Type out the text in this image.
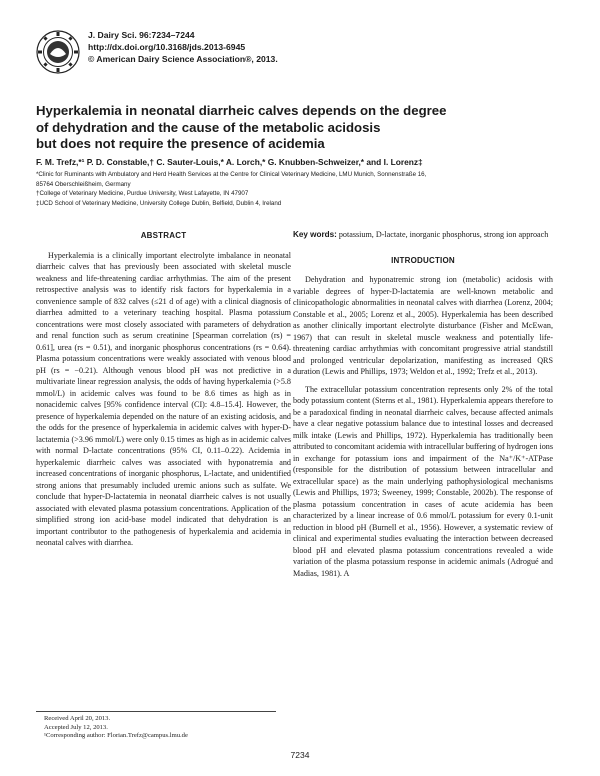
J. Dairy Sci. 96:7234–7244
http://dx.doi.org/10.3168/jds.2013-6945
© American Dairy Science Association®, 2013.
Hyperkalemia in neonatal diarrheic calves depends on the degree
of dehydration and the cause of the metabolic acidosis
but does not require the presence of acidemia
F. M. Trefz,*¹ P. D. Constable,† C. Sauter-Louis,* A. Lorch,* G. Knubben-Schweizer,* and I. Lorenz‡
*Clinic for Ruminants with Ambulatory and Herd Health Services at the Centre for Clinical Veterinary Medicine, LMU Munich, Sonnenstraße 16,
85764 Oberschleißheim, Germany
†College of Veterinary Medicine, Purdue University, West Lafayette, IN 47907
‡UCD School of Veterinary Medicine, University College Dublin, Belfield, Dublin 4, Ireland
ABSTRACT

Hyperkalemia is a clinically important electrolyte imbalance in neonatal diarrheic calves that has previously been associated with skeletal muscle weakness and life-threatening cardiac arrhythmias. The aim of the present retrospective analysis was to identify risk factors for hyperkalemia in a convenience sample of 832 calves (≤21 d of age) with a clinical diagnosis of diarrhea admitted to a veterinary teaching hospital. Plasma potassium concentrations were most closely associated with parameters of dehydration and renal function such as serum creatinine [Spearman correlation (rs) = 0.61], urea (rs = 0.51), and inorganic phosphorus concentrations (rs = 0.64). Plasma potassium concentrations were weakly associated with venous blood pH (rs = −0.21). Although venous blood pH was not predictive in a multivariate linear regression analysis, the odds of having hyperkalemia (>5.8 mmol/L) in acidemic calves was found to be 8.6 times as high as in nonacidemic calves [95% confidence interval (CI): 4.8–15.4]. However, the presence of hyperkalemia depended on the nature of an existing acidosis, and the odds for the presence of hyperkalemia in acidemic calves with hyper-D-lactatemia (>3.96 mmol/L) were only 0.15 times as high as in acidemic calves with normal D-lactate concentrations (95% CI, 0.11–0.22). Acidemia in hyperkalemic diarrheic calves was associated with hyponatremia and increased concentrations of inorganic phosphorus, L-lactate, and unidentified strong anions that presumably included uremic anions such as sulfate. We conclude that hyper-D-lactatemia in neonatal diarrheic calves is not usually associated with elevated plasma potassium concentrations. Application of the simplified strong ion acid-base model indicated that dehydration is an important contributor to the pathogenesis of hyperkalemia and acidemia in neonatal calves with diarrhea.

Key words: potassium, D-lactate, inorganic phosphorus, strong ion approach

INTRODUCTION

Dehydration and hyponatremic strong ion (metabolic) acidosis with variable degrees of hyper-D-lactatemia are well-known metabolic and clinicopathologic abnormalities in neonatal calves with diarrhea (Lorenz, 2004; Constable et al., 2005; Lorenz et al., 2005). Hyperkalemia has been described as another clinically important electrolyte disturbance (Fisher and McEwan, 1967) that can result in skeletal muscle weakness and potentially life-threatening cardiac arrhythmias with concomitant progressive atrial standstill and prolonged ventricular depolarization, manifesting as increased QRS duration (Lewis and Phillips, 1973; Weldon et al., 1992; Trefz et al., 2013).

The extracellular potassium concentration represents only 2% of the total body potassium content (Sterns et al., 1981). Hyperkalemia appears therefore to be a paradoxical finding in neonatal diarrheic calves, because affected animals have a clear negative potassium balance due to intestinal losses and decreased milk intake (Lewis and Phillips, 1972). Hyperkalemia has traditionally been attributed to concomitant acidemia with intracellular buffering of hydrogen ions in exchange for potassium ions and impairment of the Na⁺/K⁺-ATPase (responsible for the distribution of potassium between intracellular and extracellular space) as the main underlying pathophysiological mechanisms (Lewis and Phillips, 1973; Sweeney, 1999; Constable, 2002b). The response of plasma potassium concentration in cases of acute acidemia has been characterized by a linear increase of 0.6 mmol/L potassium for every 0.1-unit reduction in blood pH (Burnell et al., 1956). However, a systematic review of clinical and experimental studies evaluating the interaction between decreased blood pH and elevated plasma potassium concentrations revealed a wide variation of the plasma potassium response in acidemic animals (Adrogué and Madias, 1981). A

Received April 20, 2013.
Accepted July 12, 2013.
¹Corresponding author: Florian.Trefz@campus.lmu.de
7234
